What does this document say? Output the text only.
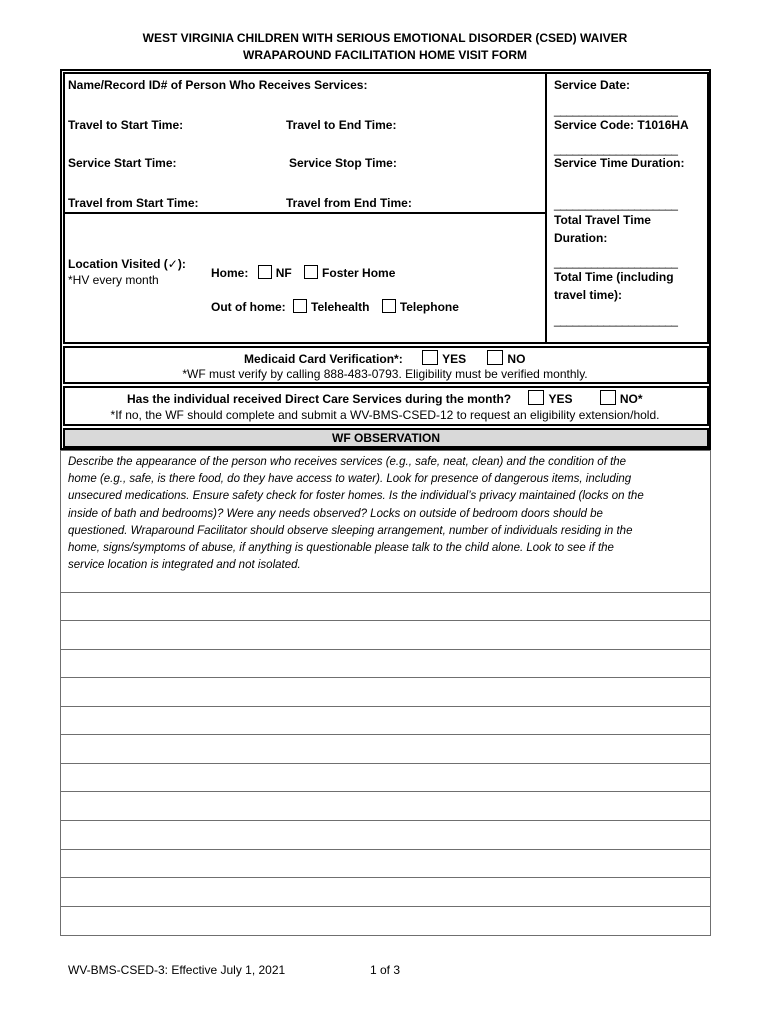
WEST VIRGINIA CHILDREN WITH SERIOUS EMOTIONAL DISORDER (CSED) WAIVER
WRAPAROUND FACILITATION HOME VISIT FORM
Name/Record ID# of Person Who Receives Services:
Travel to Start Time:	Travel to End Time:
Service Start Time:	Service Stop Time:
Travel from Start Time:	Travel from End Time:
Service Date:
____________________
Service Code: T1016HA
____________________
Service Time Duration:
____________________
Total Travel Time
Duration:
____________________
Total Time (including
travel time):
____________________
Location Visited (✓):
*HV every month	Home: NF	Foster Home
Out of home: Telehealth	Telephone
Medicaid Card Verification*:	YES	NO
*WF must verify by calling 888-483-0793. Eligibility must be verified monthly.
Has the individual received Direct Care Services during the month?	YES	NO*
*If no, the WF should complete and submit a WV-BMS-CSED-12 to request an eligibility extension/hold.
WF OBSERVATION
Describe the appearance of the person who receives services (e.g., safe, neat, clean) and the condition of the
home (e.g., safe, is there food, do they have access to water). Look for presence of dangerous items, including
unsecured medications. Ensure safety check for foster homes. Is the individual’s privacy maintained (locks on the
inside of bath and bedrooms)? Were any needs observed? Locks on outside of bedroom doors should be
questioned. Wraparound Facilitator should observe sleeping arrangement, number of individuals residing in the
home, signs/symptoms of abuse, if anything is questionable please talk to the child alone. Look to see if the
service location is integrated and not isolated.
WV-BMS-CSED-3: Effective July 1, 2021	1 of 3
